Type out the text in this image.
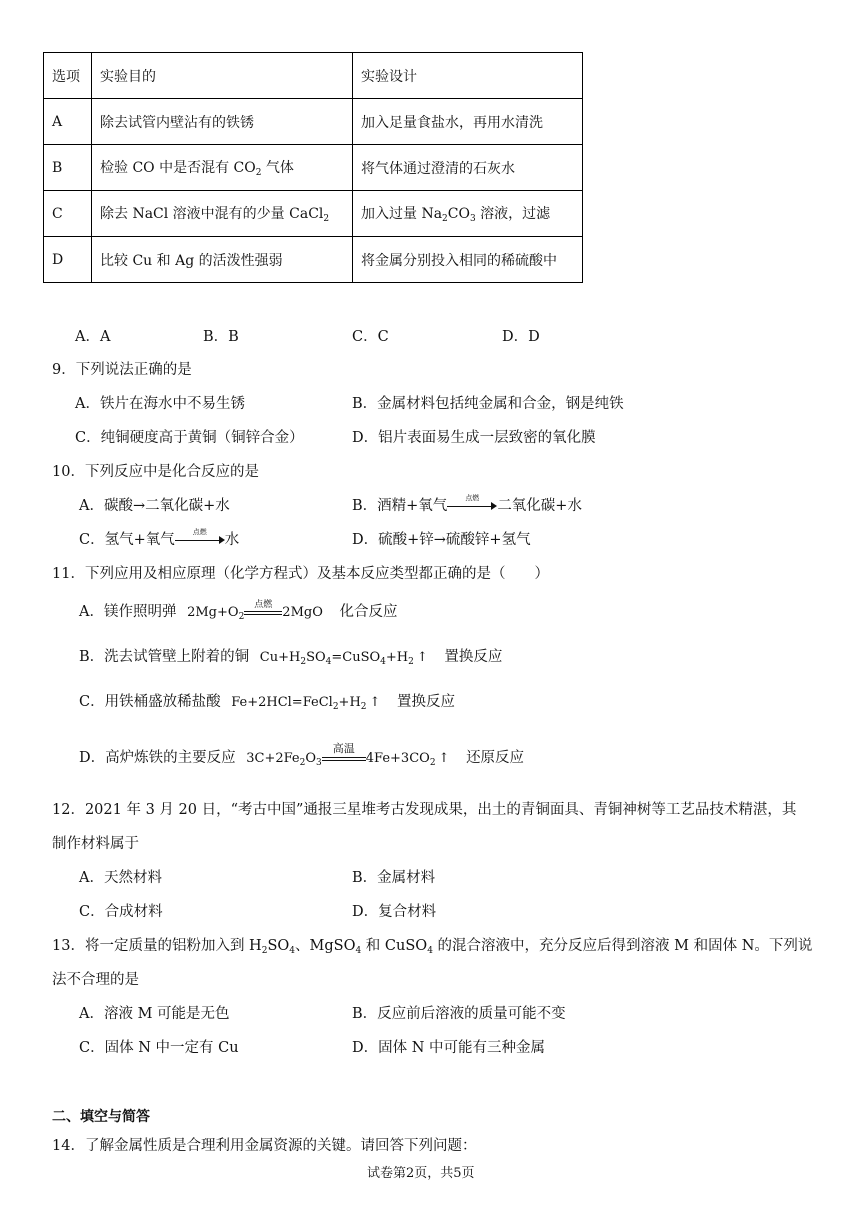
选项	实验目的	实验设计
A	除去试管内壁沾有的铁锈	加入足量食盐水，再用水清洗
B	检验 CO 中是否混有 $CO_2$ 气体	将气体通过澄清的石灰水
C	除去 NaCl 溶液中混有的少量 CaCl$_2$	加入过量 $Na_2CO_3$ 溶液，过滤
D	比较 Cu 和 Ag 的活泼性强弱	将金属分别投入相同的稀硫酸中
A．A	B．B	C．C	D．D
9．下列说法正确的是
A．铁片在海水中不易生锈	B．金属材料包括纯金属和合金，钢是纯铁
C．纯铜硬度高于黄铜（铜锌合金）	D．铝片表面易生成一层致密的氧化膜
10．下列反应中是化合反应的是
A．碳酸→二氧化碳+水	B．酒精+氧气	点燃	二氧化碳+水
C．氢气+氧气	点燃	水	D．硫酸+锌→硫酸锌+氢气
11．下列应用及相应原理（化学方程式）及基本反应类型都正确的是（　　）
A．镁作照明弹 $2Mg+O_2$
点燃
2MgO 化合反应
B．洗去试管壁上附着的铜 $Cu+H_2SO_4=CuSO_4+H_2$ ↑ 置换反应
C．用铁桶盛放稀盐酸 $Fe+2HCl=FeCl_2+H_2$ ↑ 置换反应
D．高炉炼铁的主要反应 $3C+2Fe_2O_3$
高温
$4Fe+3CO_2$ ↑ 还原反应
12．2021 年 3 月 20 日，“考古中国”通报三星堆考古发现成果，出土的青铜面具、青铜神树等工艺品技术精湛，其
制作材料属于
A．天然材料	B．金属材料
C．合成材料	D．复合材料
13．将一定质量的铝粉加入到 $H_2SO_4$、MgSO$_4$ 和 CuSO$_4$ 的混合溶液中，充分反应后得到溶液 M 和固体 N。下列说
法不合理的是
A．溶液 M 可能是无色	B．反应前后溶液的质量可能不变
C．固体 N 中一定有 Cu	D．固体 N 中可能有三种金属
二、填空与简答
14．了解金属性质是合理利用金属资源的关键。请回答下列问题：
试卷第2页，共5页
